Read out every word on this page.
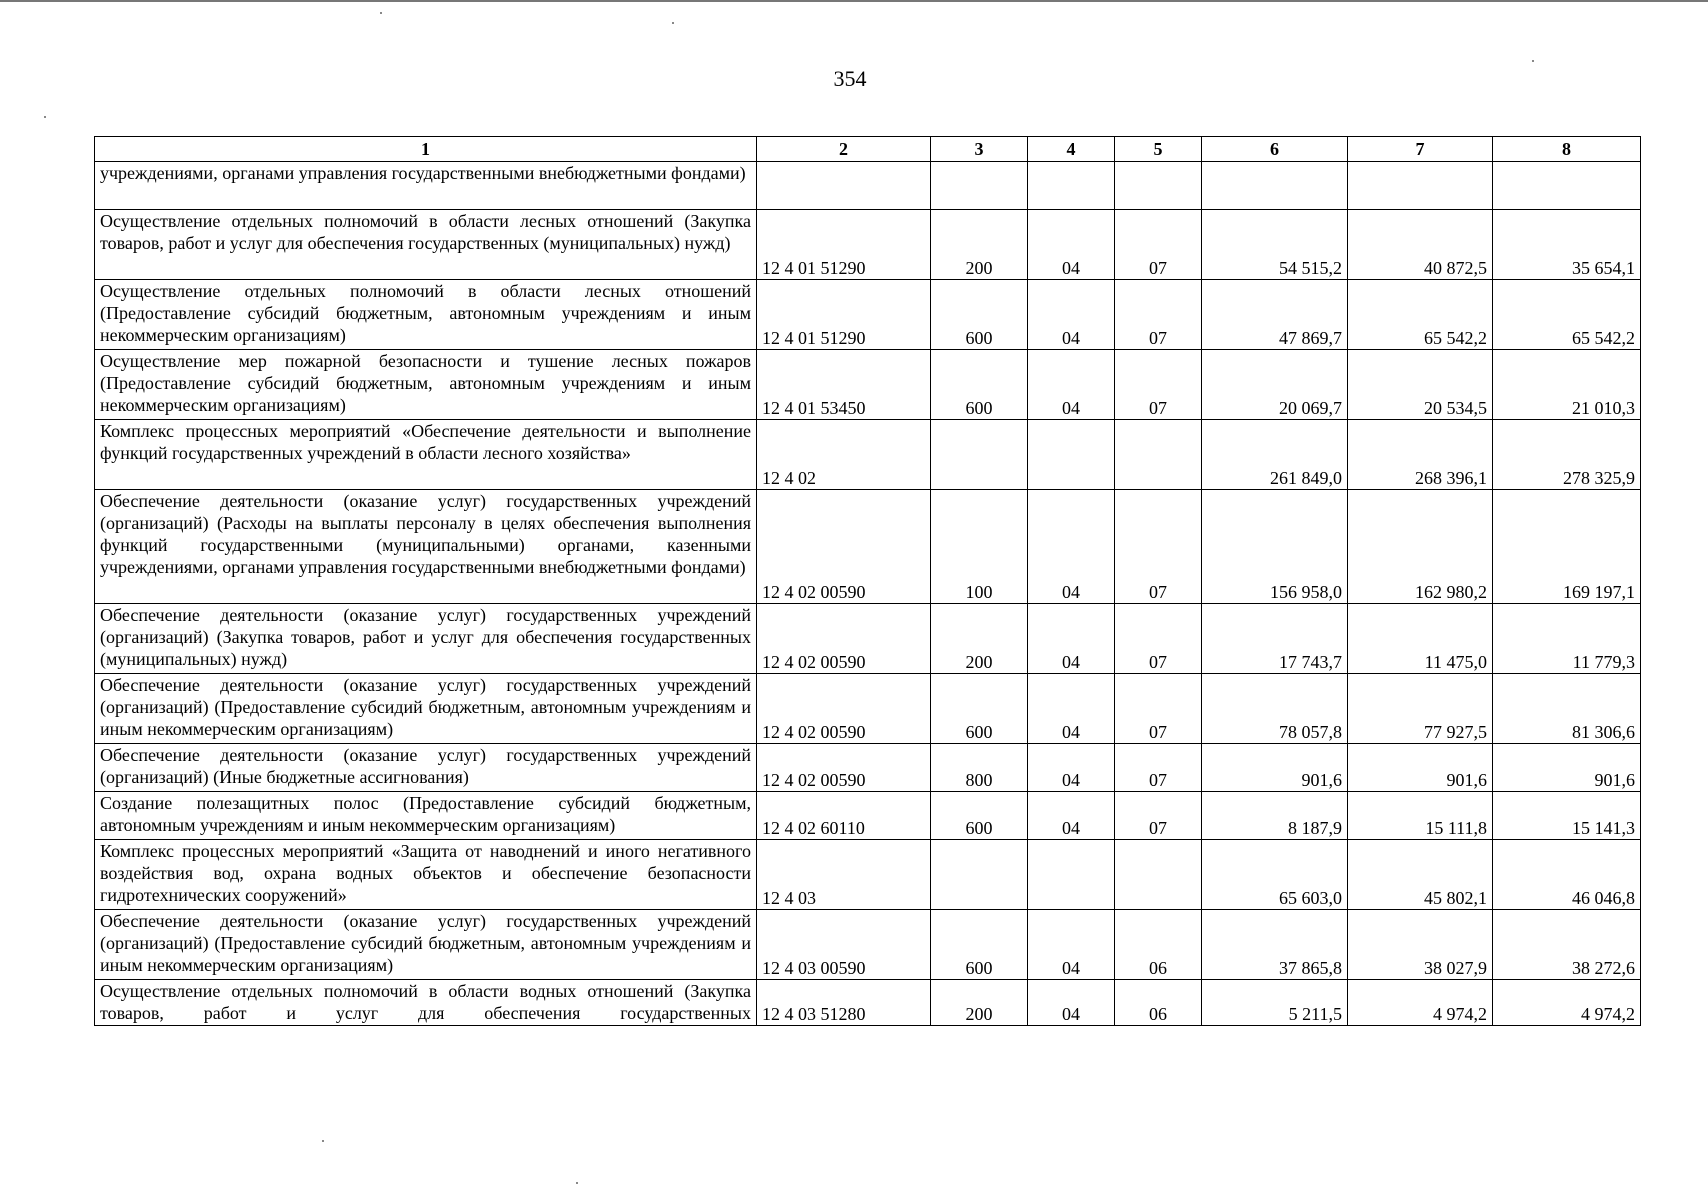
354
1	2	3	4	5	6	7	8
учреждениями, органами управления государственными внебюджетными фондами)							
Осуществление отдельных полномочий в области лесных отношений (Закупка товаров, работ и услуг для обеспечения государственных (муниципальных) нужд)	12 4 01 51290	200	04	07	54 515,2	40 872,5	35 654,1
Осуществление отдельных полномочий в области лесных отношений (Предоставление субсидий бюджетным, автономным учреждениям и иным некоммерческим организациям)	12 4 01 51290	600	04	07	47 869,7	65 542,2	65 542,2
Осуществление мер пожарной безопасности и тушение лесных пожаров (Предоставление субсидий бюджетным, автономным учреждениям и иным некоммерческим организациям)	12 4 01 53450	600	04	07	20 069,7	20 534,5	21 010,3
Комплекс процессных мероприятий «Обеспечение деятельности и выполнение функций государственных учреждений в области лесного хозяйства»	12 4 02				261 849,0	268 396,1	278 325,9
Обеспечение деятельности (оказание услуг) государственных учреждений (организаций) (Расходы на выплаты персоналу в целях обеспечения выполнения функций государственными (муниципальными) органами, казенными учреждениями, органами управления государственными внебюджетными фондами)	12 4 02 00590	100	04	07	156 958,0	162 980,2	169 197,1
Обеспечение деятельности (оказание услуг) государственных учреждений (организаций) (Закупка товаров, работ и услуг для обеспечения государственных (муниципальных) нужд)	12 4 02 00590	200	04	07	17 743,7	11 475,0	11 779,3
Обеспечение деятельности (оказание услуг) государственных учреждений (организаций) (Предоставление субсидий бюджетным, автономным учреждениям и иным некоммерческим организациям)	12 4 02 00590	600	04	07	78 057,8	77 927,5	81 306,6
Обеспечение деятельности (оказание услуг) государственных учреждений (организаций) (Иные бюджетные ассигнования)	12 4 02 00590	800	04	07	901,6	901,6	901,6
Создание полезащитных полос (Предоставление субсидий бюджетным, автономным учреждениям и иным некоммерческим организациям)	12 4 02 60110	600	04	07	8 187,9	15 111,8	15 141,3
Комплекс процессных мероприятий «Защита от наводнений и иного негативного воздействия вод, охрана водных объектов и обеспечение безопасности гидротехнических сооружений»	12 4 03				65 603,0	45 802,1	46 046,8
Обеспечение деятельности (оказание услуг) государственных учреждений (организаций) (Предоставление субсидий бюджетным, автономным учреждениям и иным некоммерческим организациям)	12 4 03 00590	600	04	06	37 865,8	38 027,9	38 272,6
Осуществление отдельных полномочий в области водных отношений (Закупка товаров, работ и услуг для обеспечения государственных	12 4 03 51280	200	04	06	5 211,5	4 974,2	4 974,2
